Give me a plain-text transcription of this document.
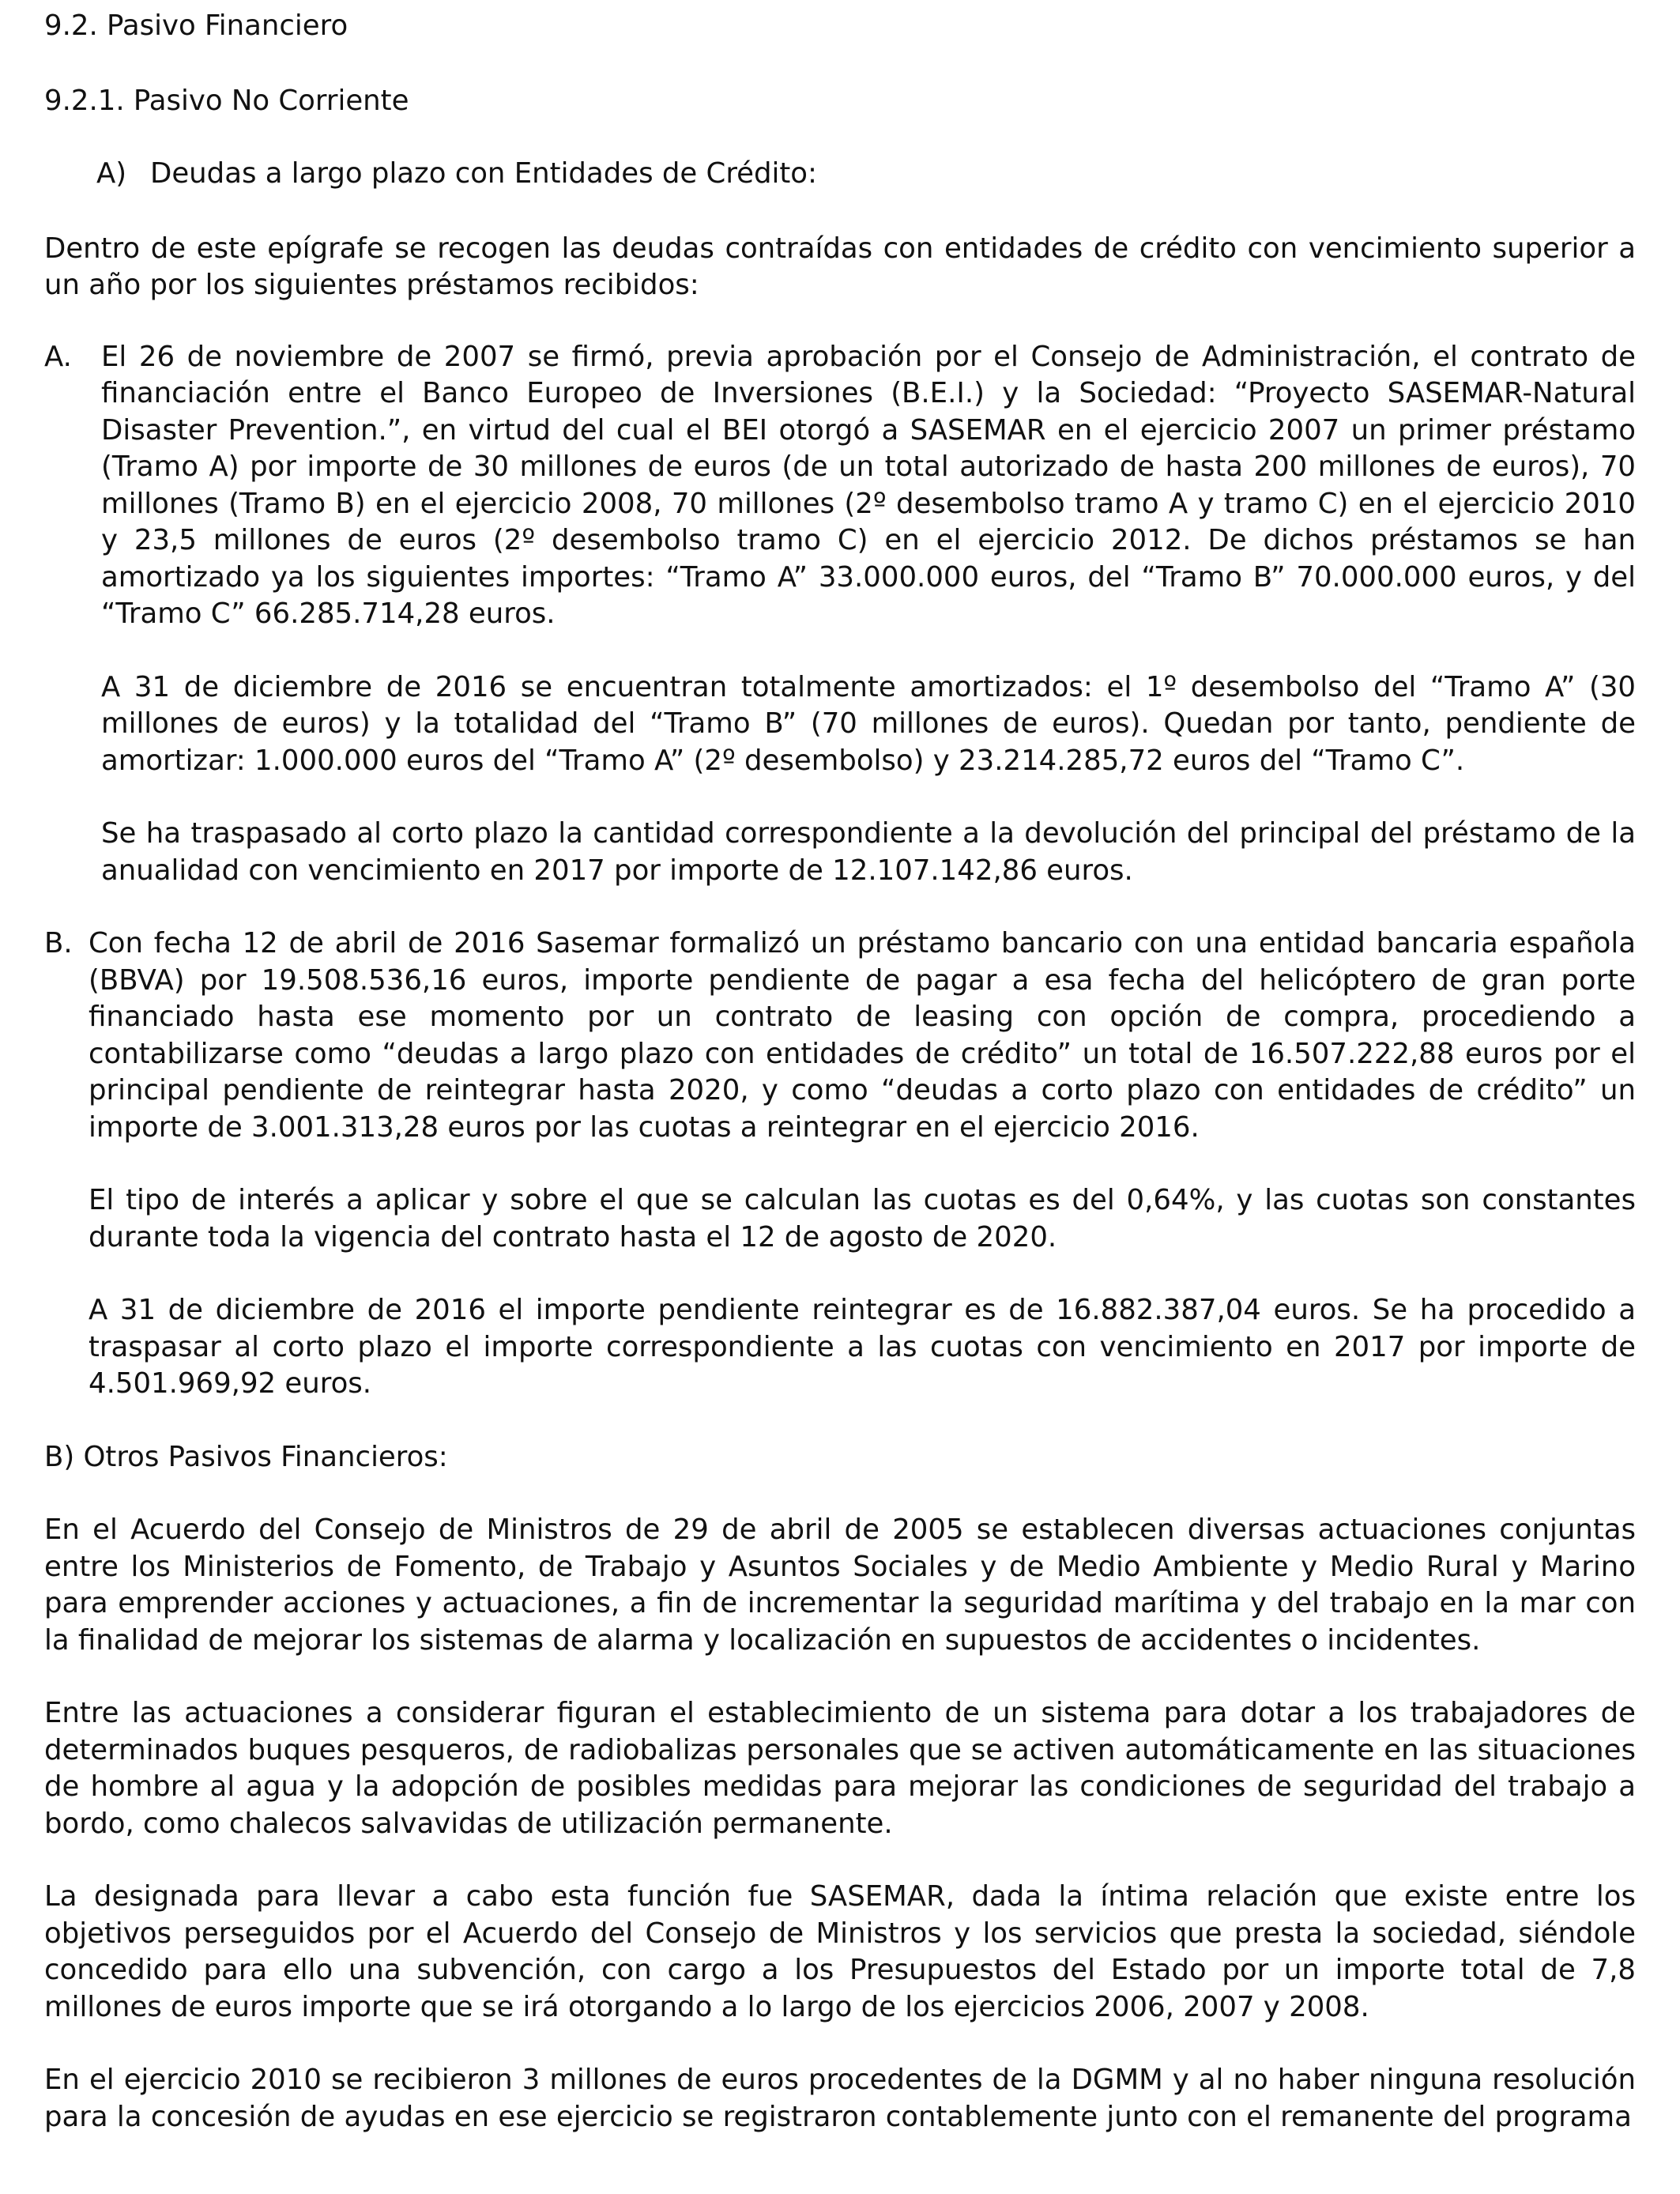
9.2. Pasivo Financiero

9.2.1. Pasivo No Corriente

A) Deudas a largo plazo con Entidades de Crédito:

Dentro de este epígrafe se recogen las deudas contraídas con entidades de crédito con vencimiento superior a un año por los siguientes préstamos recibidos:

A. El 26 de noviembre de 2007 se firmó, previa aprobación por el Consejo de Administración, el contrato de financiación entre el Banco Europeo de Inversiones (B.E.I.) y la Sociedad: “Proyecto SASEMAR-Natural Disaster Prevention.”, en virtud del cual el BEI otorgó a SASEMAR en el ejercicio 2007 un primer préstamo (Tramo A) por importe de 30 millones de euros (de un total autorizado de hasta 200 millones de euros), 70 millones (Tramo B) en el ejercicio 2008, 70 millones (2º desembolso tramo A y tramo C) en el ejercicio 2010 y 23,5 millones de euros (2º desembolso tramo C) en el ejercicio 2012. De dichos préstamos se han amortizado ya los siguientes importes: “Tramo A” 33.000.000 euros, del “Tramo B” 70.000.000 euros, y del “Tramo C” 66.285.714,28 euros.

A 31 de diciembre de 2016 se encuentran totalmente amortizados: el 1º desembolso del “Tramo A” (30 millones de euros) y la totalidad del “Tramo B” (70 millones de euros). Quedan por tanto, pendiente de amortizar: 1.000.000 euros del “Tramo A” (2º desembolso) y 23.214.285,72 euros del “Tramo C”.

Se ha traspasado al corto plazo la cantidad correspondiente a la devolución del principal del préstamo de la anualidad con vencimiento en 2017 por importe de 12.107.142,86 euros.

B. Con fecha 12 de abril de 2016 Sasemar formalizó un préstamo bancario con una entidad bancaria española (BBVA) por 19.508.536,16 euros, importe pendiente de pagar a esa fecha del helicóptero de gran porte financiado hasta ese momento por un contrato de leasing con opción de compra, procediendo a contabilizarse como “deudas a largo plazo con entidades de crédito” un total de 16.507.222,88 euros por el principal pendiente de reintegrar hasta 2020, y como “deudas a corto plazo con entidades de crédito” un importe de 3.001.313,28 euros por las cuotas a reintegrar en el ejercicio 2016.

El tipo de interés a aplicar y sobre el que se calculan las cuotas es del 0,64%, y las cuotas son constantes durante toda la vigencia del contrato hasta el 12 de agosto de 2020.

A 31 de diciembre de 2016 el importe pendiente reintegrar es de 16.882.387,04 euros. Se ha procedido a traspasar al corto plazo el importe correspondiente a las cuotas con vencimiento en 2017 por importe de 4.501.969,92 euros.

B) Otros Pasivos Financieros:

En el Acuerdo del Consejo de Ministros de 29 de abril de 2005 se establecen diversas actuaciones conjuntas entre los Ministerios de Fomento, de Trabajo y Asuntos Sociales y de Medio Ambiente y Medio Rural y Marino para emprender acciones y actuaciones, a fin de incrementar la seguridad marítima y del trabajo en la mar con la finalidad de mejorar los sistemas de alarma y localización en supuestos de accidentes o incidentes.

Entre las actuaciones a considerar figuran el establecimiento de un sistema para dotar a los trabajadores de determinados buques pesqueros, de radiobalizas personales que se activen automáticamente en las situaciones de hombre al agua y la adopción de posibles medidas para mejorar las condiciones de seguridad del trabajo a bordo, como chalecos salvavidas de utilización permanente.

La designada para llevar a cabo esta función fue SASEMAR, dada la íntima relación que existe entre los objetivos perseguidos por el Acuerdo del Consejo de Ministros y los servicios que presta la sociedad, siéndole concedido para ello una subvención, con cargo a los Presupuestos del Estado por un importe total de 7,8 millones de euros importe que se irá otorgando a lo largo de los ejercicios 2006, 2007 y 2008.

En el ejercicio 2010 se recibieron 3 millones de euros procedentes de la DGMM y al no haber ninguna resolución para la concesión de ayudas en ese ejercicio se registraron contablemente junto con el remanente del programa
